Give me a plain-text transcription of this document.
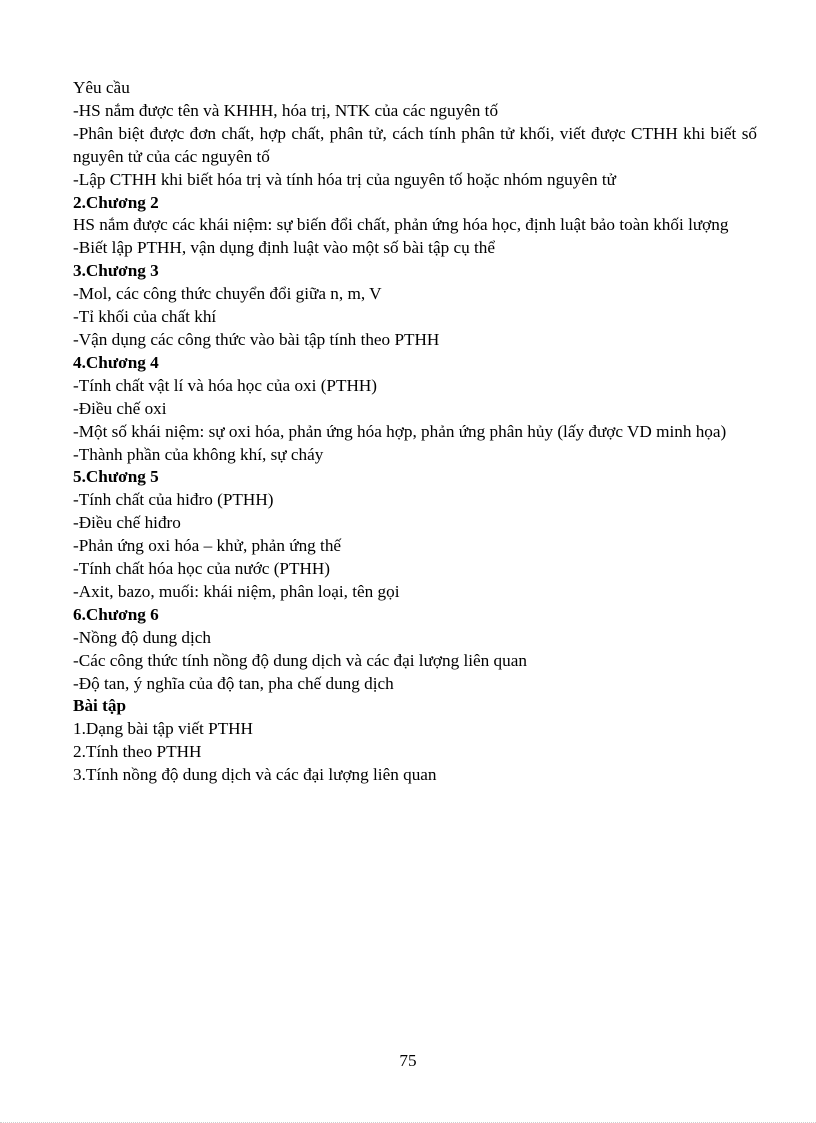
Yêu cầu

-HS nắm được tên và KHHH, hóa trị, NTK của các nguyên tố

-Phân biệt được đơn chất, hợp chất, phân tử, cách tính phân tử khối, viết được CTHH khi biết số nguyên tử của các nguyên tố

-Lập CTHH khi biết hóa trị và tính hóa trị của nguyên tố hoặc nhóm nguyên tử

2.Chương 2

HS nắm được các khái niệm: sự biến đổi chất, phản ứng hóa học, định luật bảo toàn khối lượng

-Biết lập PTHH, vận dụng định luật vào một số bài tập cụ thể

3.Chương 3

-Mol, các công thức chuyển đổi giữa n, m, V

-Tỉ khối của chất khí

-Vận dụng các công thức vào bài tập tính theo PTHH

4.Chương 4

-Tính chất vật lí và hóa học của oxi (PTHH)

-Điều chế oxi

-Một số khái niệm: sự oxi hóa, phản ứng hóa hợp, phản ứng phân hủy (lấy được VD minh họa)

-Thành phần của không khí, sự cháy

5.Chương 5

-Tính chất của hiđro (PTHH)

-Điều chế hiđro

-Phản ứng oxi hóa – khử, phản ứng thế

-Tính chất hóa học của nước (PTHH)

-Axit, bazo, muối: khái niệm, phân loại, tên gọi

6.Chương 6

-Nồng độ dung dịch

-Các công thức tính nồng độ dung dịch và các đại lượng liên quan

-Độ tan, ý nghĩa của độ tan, pha chế dung dịch

Bài tập

1.Dạng bài tập viết PTHH

2.Tính theo PTHH

3.Tính nồng độ dung dịch và các đại lượng liên quan

75
